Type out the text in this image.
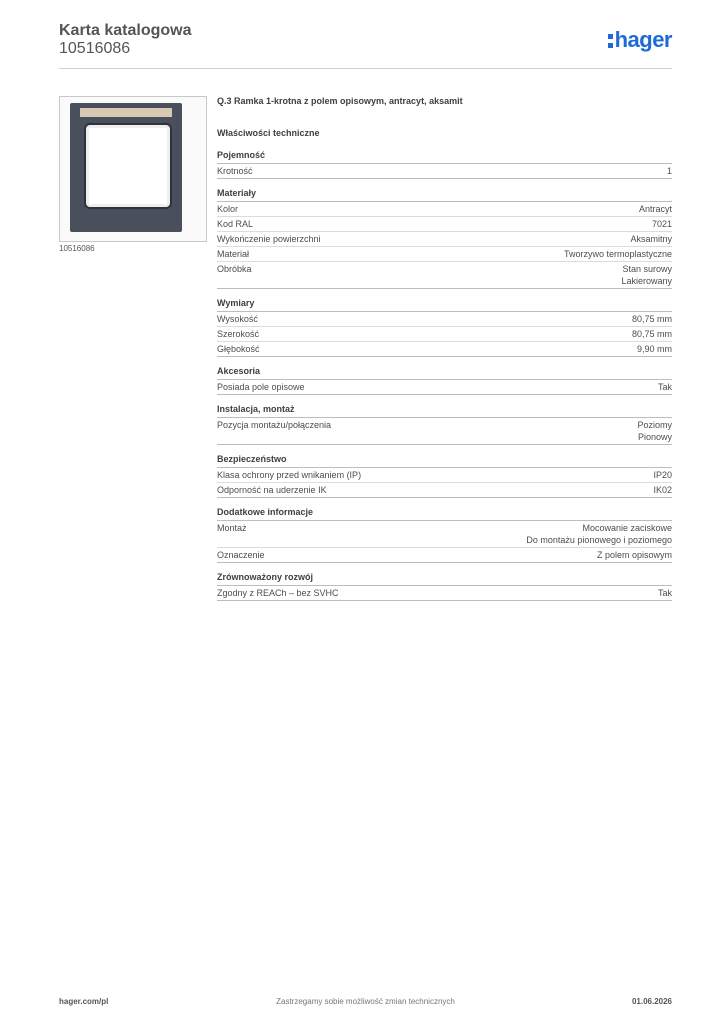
Karta katalogowa
10516086	hager
10516086
Q.3 Ramka 1-krotna z polem opisowym, antracyt, aksamit
Właściwości techniczne
Pojemność
Krotność	1
Materiały
Kolor	Antracyt
Kod RAL	7021
Wykończenie powierzchni	Aksamitny
Materiał	Tworzywo termoplastyczne
Obróbka	Stan surowy
Lakierowany
Wymiary
Wysokość	80,75 mm
Szerokość	80,75 mm
Głębokość	9,90 mm
Akcesoria
Posiada pole opisowe	Tak
Instalacja, montaż
Pozycja montażu/połączenia	Poziomy
Pionowy
Bezpieczeństwo
Klasa ochrony przed wnikaniem (IP)	IP20
Odporność na uderzenie IK	IK02
Dodatkowe informacje
Montaż	Mocowanie zaciskowe
Do montażu pionowego i poziomego
Oznaczenie	Z polem opisowym
Zrównoważony rozwój
Zgodny z REACh – bez SVHC	Tak
hager.com/pl	Zastrzegamy sobie możliwość zmian technicznych	01.06.2026
